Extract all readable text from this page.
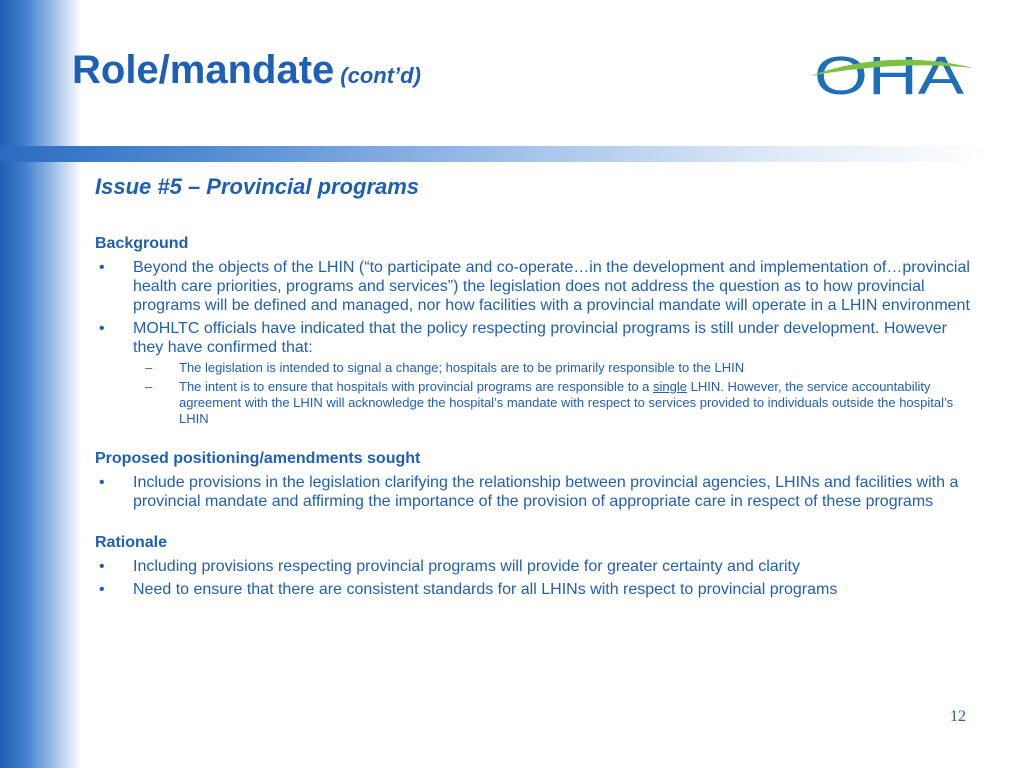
Role/mandate (cont’d)	OHA

Issue #5 – Provincial programs

Background

• Beyond the objects of the LHIN (“to participate and co-operate…in the development and implementation of…provincial health care priorities, programs and services”) the legislation does not address the question as to how provincial programs will be defined and managed, nor how facilities with a provincial mandate will operate in a LHIN environment
• MOHLTC officials have indicated that the policy respecting provincial programs is still under development. However they have confirmed that:
– The legislation is intended to signal a change; hospitals are to be primarily responsible to the LHIN
– The intent is to ensure that hospitals with provincial programs are responsible to a single LHIN. However, the service accountability agreement with the LHIN will acknowledge the hospital’s mandate with respect to services provided to individuals outside the hospital’s LHIN

Proposed positioning/amendments sought

• Include provisions in the legislation clarifying the relationship between provincial agencies, LHINs and facilities with a provincial mandate and affirming the importance of the provision of appropriate care in respect of these programs

Rationale

• Including provisions respecting provincial programs will provide for greater certainty and clarity
• Need to ensure that there are consistent standards for all LHINs with respect to provincial programs
12
